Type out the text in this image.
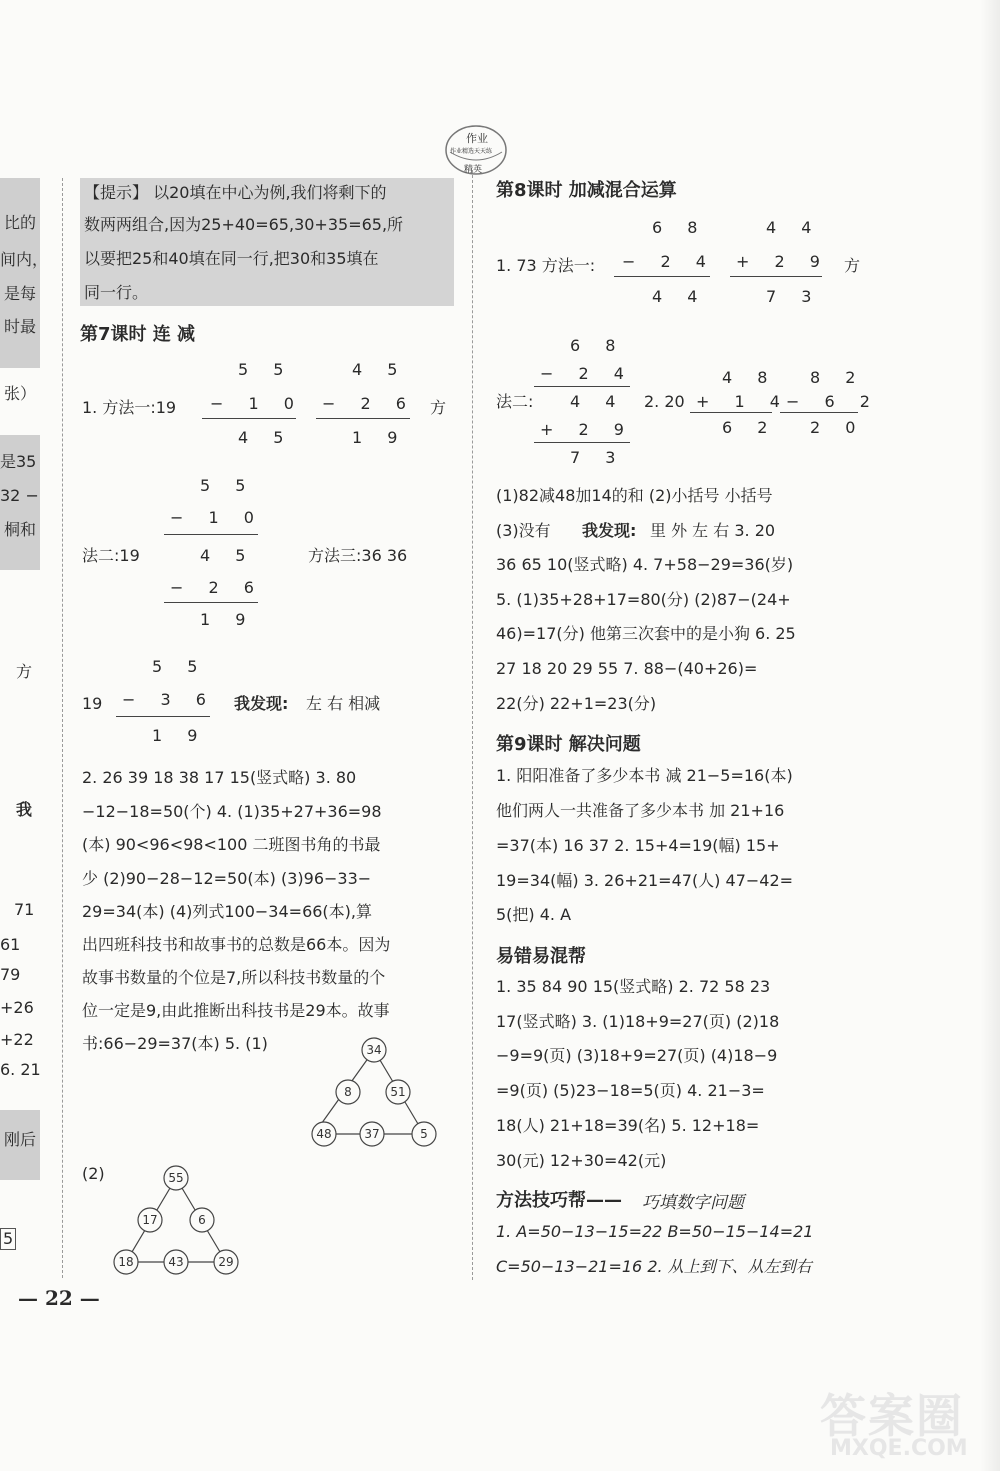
作业
作业精选天天练
精英
比的
间内，
是每
时最
张）
是35
32 −
桐和
方
我
71
61
79
+26
+22
6. 21
刚后
5
【提示】 以20填在中心为例,我们将剩下的
数两两组合,因为25+40=65,30+35=65,所
以要把25和40填在同一行,把30和35填在
同一行。
第7课时 连 减
1. 方法一:19
5 5
− 1 0
4 5
4 5
− 2 6
1 9
方
5 5
− 1 0
法二:19	4 5
− 2 6
1 9
方法三:36 36
5 5
19 − 3 6
1 9
我发现: 左 右 相减
2. 26 39 18 38 17 15(竖式略) 3. 80
−12−18=50(个) 4. (1)35+27+36=98
(本) 90<96<98<100 二班图书角的书最
少 (2)90−28−12=50(本) (3)96−33−
29=34(本) (4)列式100−34=66(本),算
出四班科技书和故事书的总数是66本。因为
故事书数量的个位是7,所以科技书数量的个
位一定是9,由此推断出科技书是29本。故事
书:66−29=37(本) 5. (1)	34
8	51
48	37	5
(2)	55
17	6
18	43	29
— 22 —
第8课时 加减混合运算
6 8
1. 73 方法一: − 2 4
4 4
4 4
+ 2 9
7 3
方
6 8
− 2 4
法二: 4 4
+ 2 9
7 3
2. 20
4 8
+ 1 4
6 2
8 2
− 6 2
2 0
(1)82减48加14的和 (2)小括号 小括号
(3)没有 我发现: 里 外 左 右 3. 20
36 65 10(竖式略) 4. 7+58−29=36(岁)
5. (1)35+28+17=80(分) (2)87−(24+
46)=17(分) 他第三次套中的是小狗 6. 25
27 18 20 29 55 7. 88−(40+26)=
22(分) 22+1=23(分)
第9课时 解决问题
1. 阳阳准备了多少本书 减 21−5=16(本)
他们两人一共准备了多少本书 加 21+16
=37(本) 16 37 2. 15+4=19(幅) 15+
19=34(幅) 3. 26+21=47(人) 47−42=
5(把) 4. A
易错易混帮
1. 35 84 90 15(竖式略) 2. 72 58 23
17(竖式略) 3. (1)18+9=27(页) (2)18
−9=9(页) (3)18+9=27(页) (4)18−9
=9(页) (5)23−18=5(页) 4. 21−3=
18(人) 21+18=39(名) 5. 12+18=
30(元) 12+30=42(元)
方法技巧帮—— 巧填数字问题
1. A=50−13−15=22 B=50−15−14=21
C=50−13−21=16 2. 从上到下、从左到右
答案圈
MXQE.COM
